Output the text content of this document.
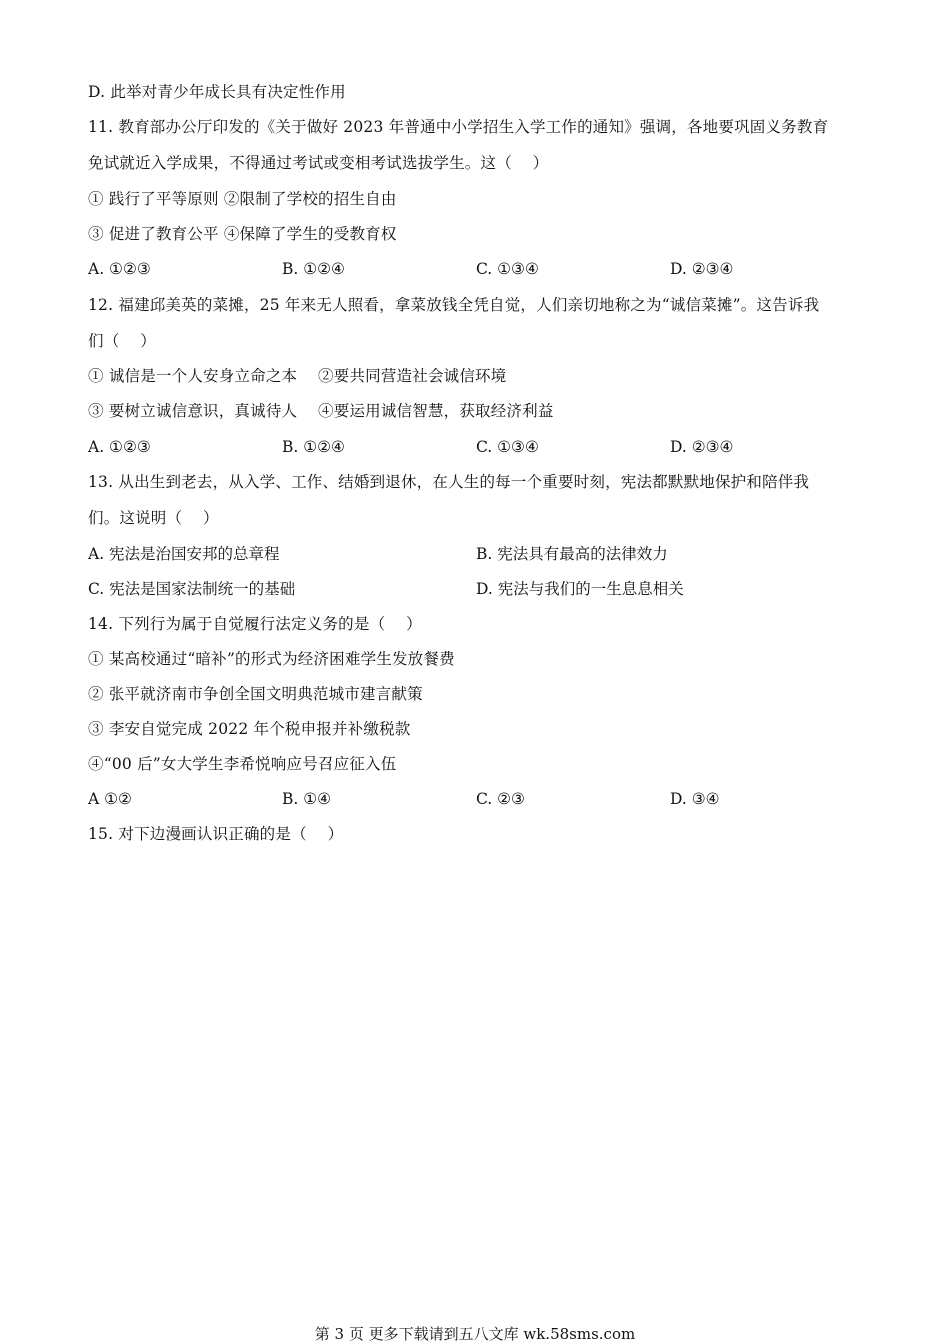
D. 此举对青少年成长具有决定性作用
11. 教育部办公厅印发的《关于做好 2023 年普通中小学招生入学工作的通知》强调，各地要巩固义务教育
免试就近入学成果，不得通过考试或变相考试选拔学生。这（　 ）
① 践行了平等原则 ②限制了学校的招生自由
③ 促进了教育公平 ④保障了学生的受教育权
A. ①②③	B. ①②④	C. ①③④	D. ②③④
12. 福建邱美英的菜摊，25 年来无人照看，拿菜放钱全凭自觉，人们亲切地称之为“诚信菜摊”。这告诉我
们（　 ）
① 诚信是一个人安身立命之本　 ②要共同营造社会诚信环境
③ 要树立诚信意识，真诚待人　 ④要运用诚信智慧，获取经济利益
A. ①②③	B. ①②④	C. ①③④	D. ②③④
13. 从出生到老去，从入学、工作、结婚到退休，在人生的每一个重要时刻，宪法都默默地保护和陪伴我
们。这说明（　 ）
A. 宪法是治国安邦的总章程	B. 宪法具有最高的法律效力
C. 宪法是国家法制统一的基础	D. 宪法与我们的一生息息相关
14. 下列行为属于自觉履行法定义务的是（　 ）
① 某高校通过“暗补”的形式为经济困难学生发放餐费
② 张平就济南市争创全国文明典范城市建言献策
③ 李安自觉完成 2022 年个税申报并补缴税款
④“00 后”女大学生李希悦响应号召应征入伍
A ①②	B. ①④	C. ②③	D. ③④
15. 对下边漫画认识正确的是（　 ）
第 3 页 更多下载请到五八文库 wk.58sms.com
